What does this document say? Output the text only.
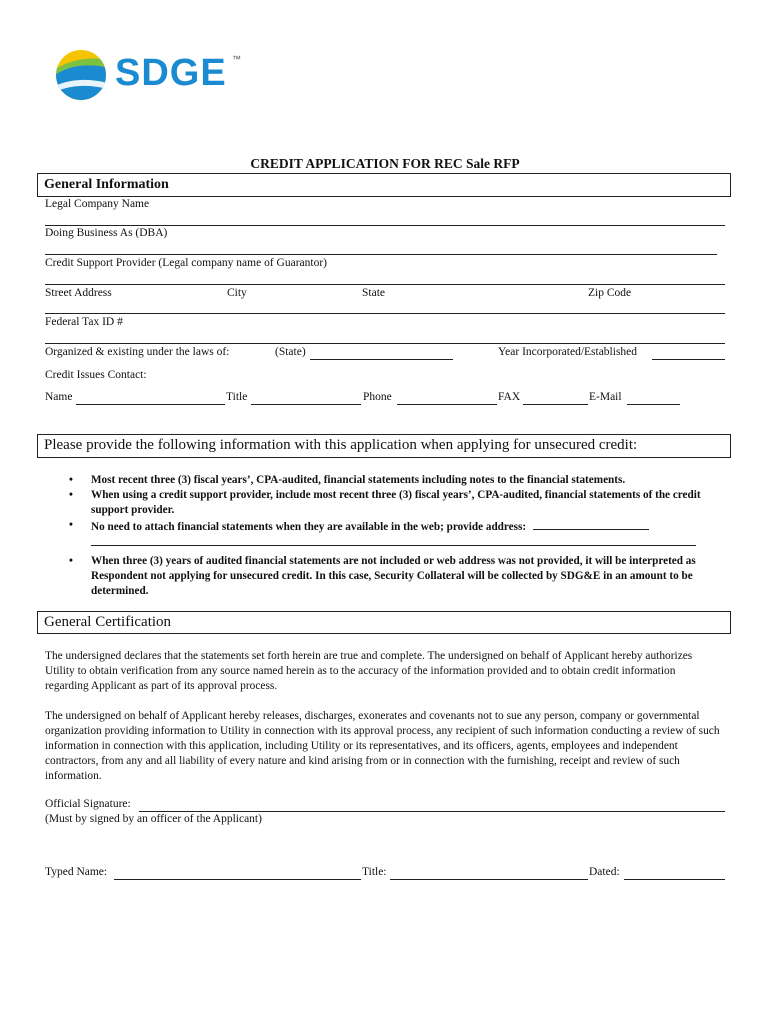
SDGE ™
CREDIT APPLICATION FOR REC Sale RFP
General Information
Legal Company Name
Doing Business As (DBA)
Credit Support Provider (Legal company name of Guarantor)
Street Address	City	State	Zip Code
Federal Tax ID #
Organized & existing under the laws of:	(State)	Year Incorporated/Established
Credit Issues Contact:
Name	Title	Phone	FAX	E-Mail
Please provide the following information with this application when applying for unsecured credit:
• Most recent three (3) fiscal years’, CPA-audited, financial statements including notes to the financial statements.
• When using a credit support provider, include most recent three (3) fiscal years’, CPA-audited, financial statements of the credit support provider.
• No need to attach financial statements when they are available in the web; provide address:
• When three (3) years of audited financial statements are not included or web address was not provided, it will be interpreted as Respondent not applying for unsecured credit. In this case, Security Collateral will be collected by SDG&E in an amount to be determined.
General Certification
The undersigned declares that the statements set forth herein are true and complete. The undersigned on behalf of Applicant hereby authorizes Utility to obtain verification from any source named herein as to the accuracy of the information provided and to obtain credit information regarding Applicant as part of its approval process.
The undersigned on behalf of Applicant hereby releases, discharges, exonerates and covenants not to sue any person, company or governmental organization providing information to Utility in connection with its approval process, any recipient of such information conducting a review of such information in connection with this application, including Utility or its representatives, and its officers, agents, employees and independent contractors, from any and all liability of every nature and kind arising from or in connection with the furnishing, receipt and review of such information.
Official Signature:
(Must by signed by an officer of the Applicant)
Typed Name:	Title:	Dated:
